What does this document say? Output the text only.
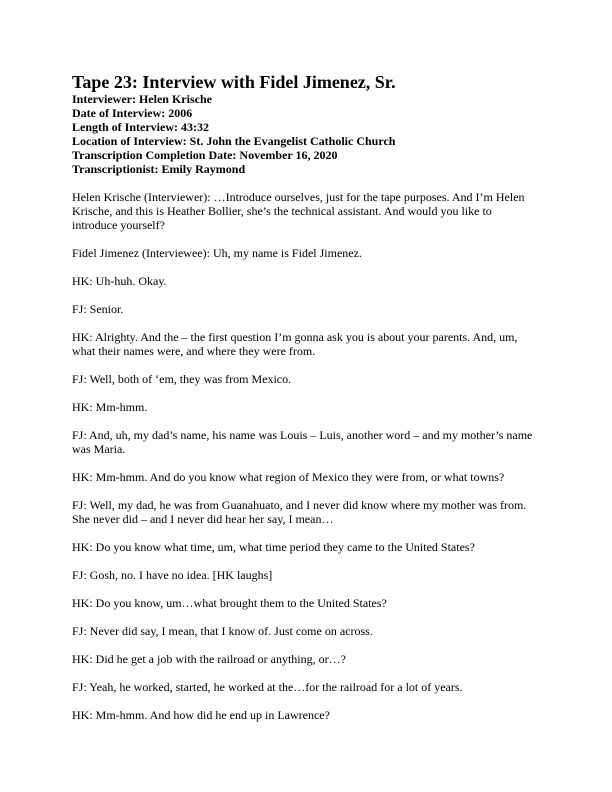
Tape 23: Interview with Fidel Jimenez, Sr.
Interviewer: Helen Krische
Date of Interview: 2006
Length of Interview: 43:32
Location of Interview: St. John the Evangelist Catholic Church
Transcription Completion Date: November 16, 2020
Transcriptionist: Emily Raymond

Helen Krische (Interviewer): …Introduce ourselves, just for the tape purposes. And I’m Helen Krische, and this is Heather Bollier, she’s the technical assistant. And would you like to introduce yourself?

Fidel Jimenez (Interviewee): Uh, my name is Fidel Jimenez.

HK: Uh-huh. Okay.

FJ: Senior.

HK: Alrighty. And the – the first question I’m gonna ask you is about your parents. And, um, what their names were, and where they were from.

FJ: Well, both of ‘em, they was from Mexico.

HK: Mm-hmm.

FJ: And, uh, my dad’s name, his name was Louis – Luis, another word – and my mother’s name was Maria.

HK: Mm-hmm. And do you know what region of Mexico they were from, or what towns?

FJ: Well, my dad, he was from Guanahuato, and I never did know where my mother was from. She never did – and I never did hear her say, I mean…

HK: Do you know what time, um, what time period they came to the United States?

FJ: Gosh, no. I have no idea. [HK laughs]

HK: Do you know, um…what brought them to the United States?

FJ: Never did say, I mean, that I know of. Just come on across.

HK: Did he get a job with the railroad or anything, or…?

FJ: Yeah, he worked, started, he worked at the…for the railroad for a lot of years.

HK: Mm-hmm. And how did he end up in Lawrence?
